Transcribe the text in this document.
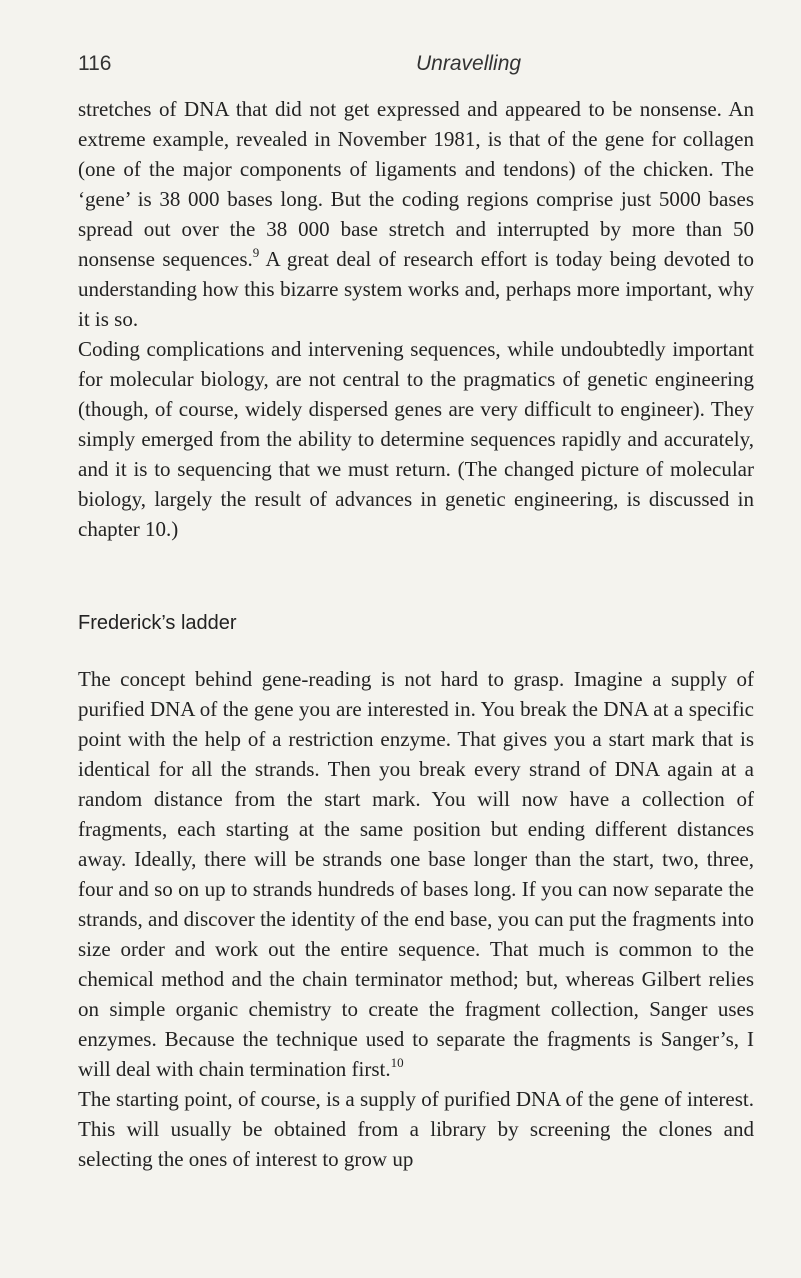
116	Unravelling

stretches of DNA that did not get expressed and appeared to be nonsense. An extreme example, revealed in November 1981, is that of the gene for collagen (one of the major components of ligaments and tendons) of the chicken. The ‘gene’ is 38 000 bases long. But the coding regions comprise just 5000 bases spread out over the 38 000 base stretch and interrupted by more than 50 nonsense sequences.$^9$ A great deal of research effort is today being devoted to understanding how this bizarre system works and, perhaps more important, why it is so.

Coding complications and intervening sequences, while undoubtedly important for molecular biology, are not central to the pragmatics of genetic engineering (though, of course, widely dispersed genes are very difficult to engineer). They simply emerged from the ability to determine sequences rapidly and accurately, and it is to sequencing that we must return. (The changed picture of molecular biology, largely the result of advances in genetic engineering, is discussed in chapter 10.)

Frederick’s ladder

The concept behind gene-reading is not hard to grasp. Imagine a supply of purified DNA of the gene you are interested in. You break the DNA at a specific point with the help of a restriction enzyme. That gives you a start mark that is identical for all the strands. Then you break every strand of DNA again at a random distance from the start mark. You will now have a collection of fragments, each starting at the same position but ending different distances away. Ideally, there will be strands one base longer than the start, two, three, four and so on up to strands hundreds of bases long. If you can now separate the strands, and discover the identity of the end base, you can put the fragments into size order and work out the entire sequence. That much is common to the chemical method and the chain terminator method; but, whereas Gilbert relies on simple organic chemistry to create the fragment collection, Sanger uses enzymes. Because the technique used to separate the fragments is Sanger’s, I will deal with chain termination first.$^{10}$

The starting point, of course, is a supply of purified DNA of the gene of interest. This will usually be obtained from a library by screening the clones and selecting the ones of interest to grow up
